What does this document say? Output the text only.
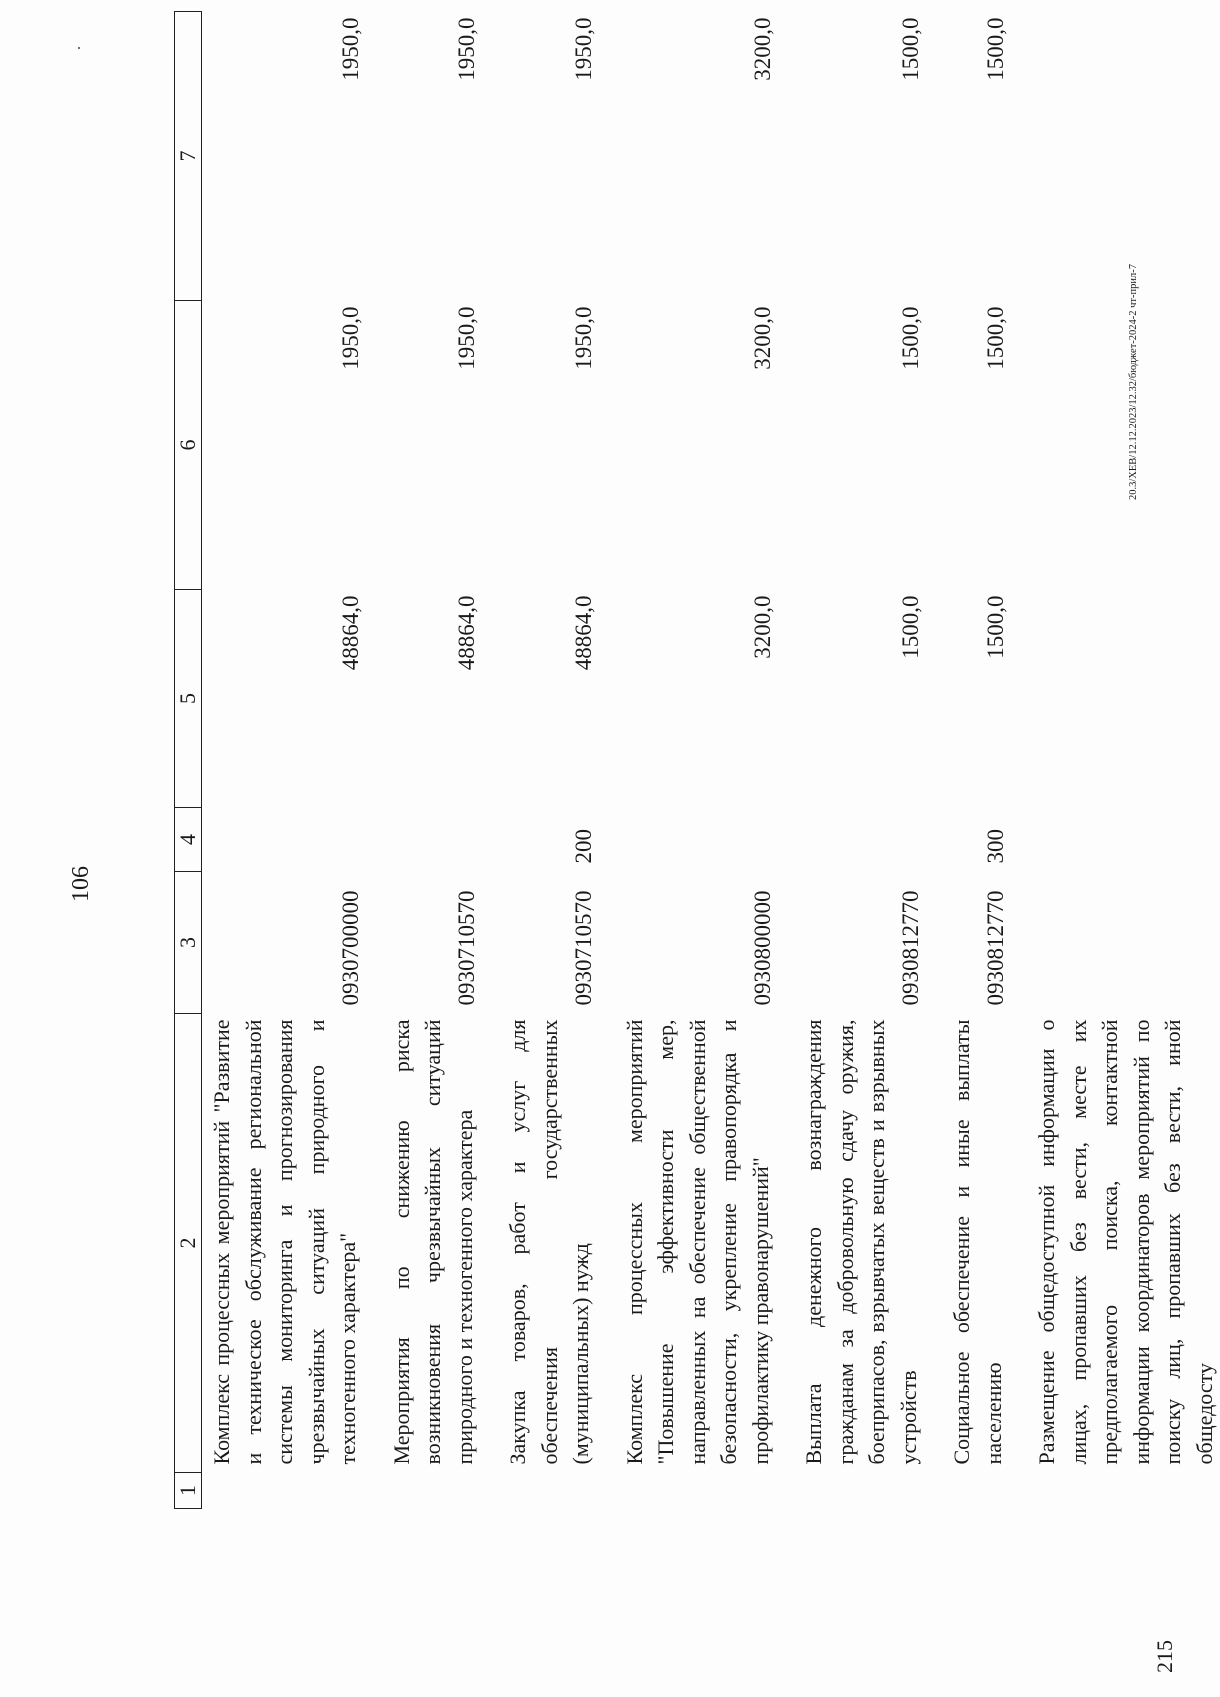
106
1	2	3	4	5	6	7
	Комплекс процессных мероприятий "Развитие и техническое обслуживание региональной системы мониторинга и прогнозирования чрезвычайных ситуаций природного и техногенного характера"	0930700000		48864,0	1950,0	1950,0
	Мероприятия по снижению риска возникновения чрезвычайных ситуаций природного и техногенного характера	0930710570		48864,0	1950,0	1950,0
	Закупка товаров, работ и услуг для обеспечения государственных (муниципальных) нужд	0930710570	200	48864,0	1950,0	1950,0
	Комплекс процессных мероприятий "Повышение эффективности мер, направленных на обеспечение общественной безопасности, укрепление правопорядка и профилактику правонарушений"	0930800000		3200,0	3200,0	3200,0
	Выплата денежного вознаграждения гражданам за добровольную сдачу оружия, боеприпасов, взрывчатых веществ и взрывных устройств	0930812770		1500,0	1500,0	1500,0
	Социальное обеспечение и иные выплаты населению	0930812770	300	1500,0	1500,0	1500,0
	Размещение общедоступной информации о лицах, пропавших без вести, месте их предполагаемого поиска, контактной информации координаторов мероприятий по поиску лиц, пропавших без вести, иной общедосту					
20.3/XEB/12.12.2023/12.32/бюджет-2024-2 чт-прил-7
215
